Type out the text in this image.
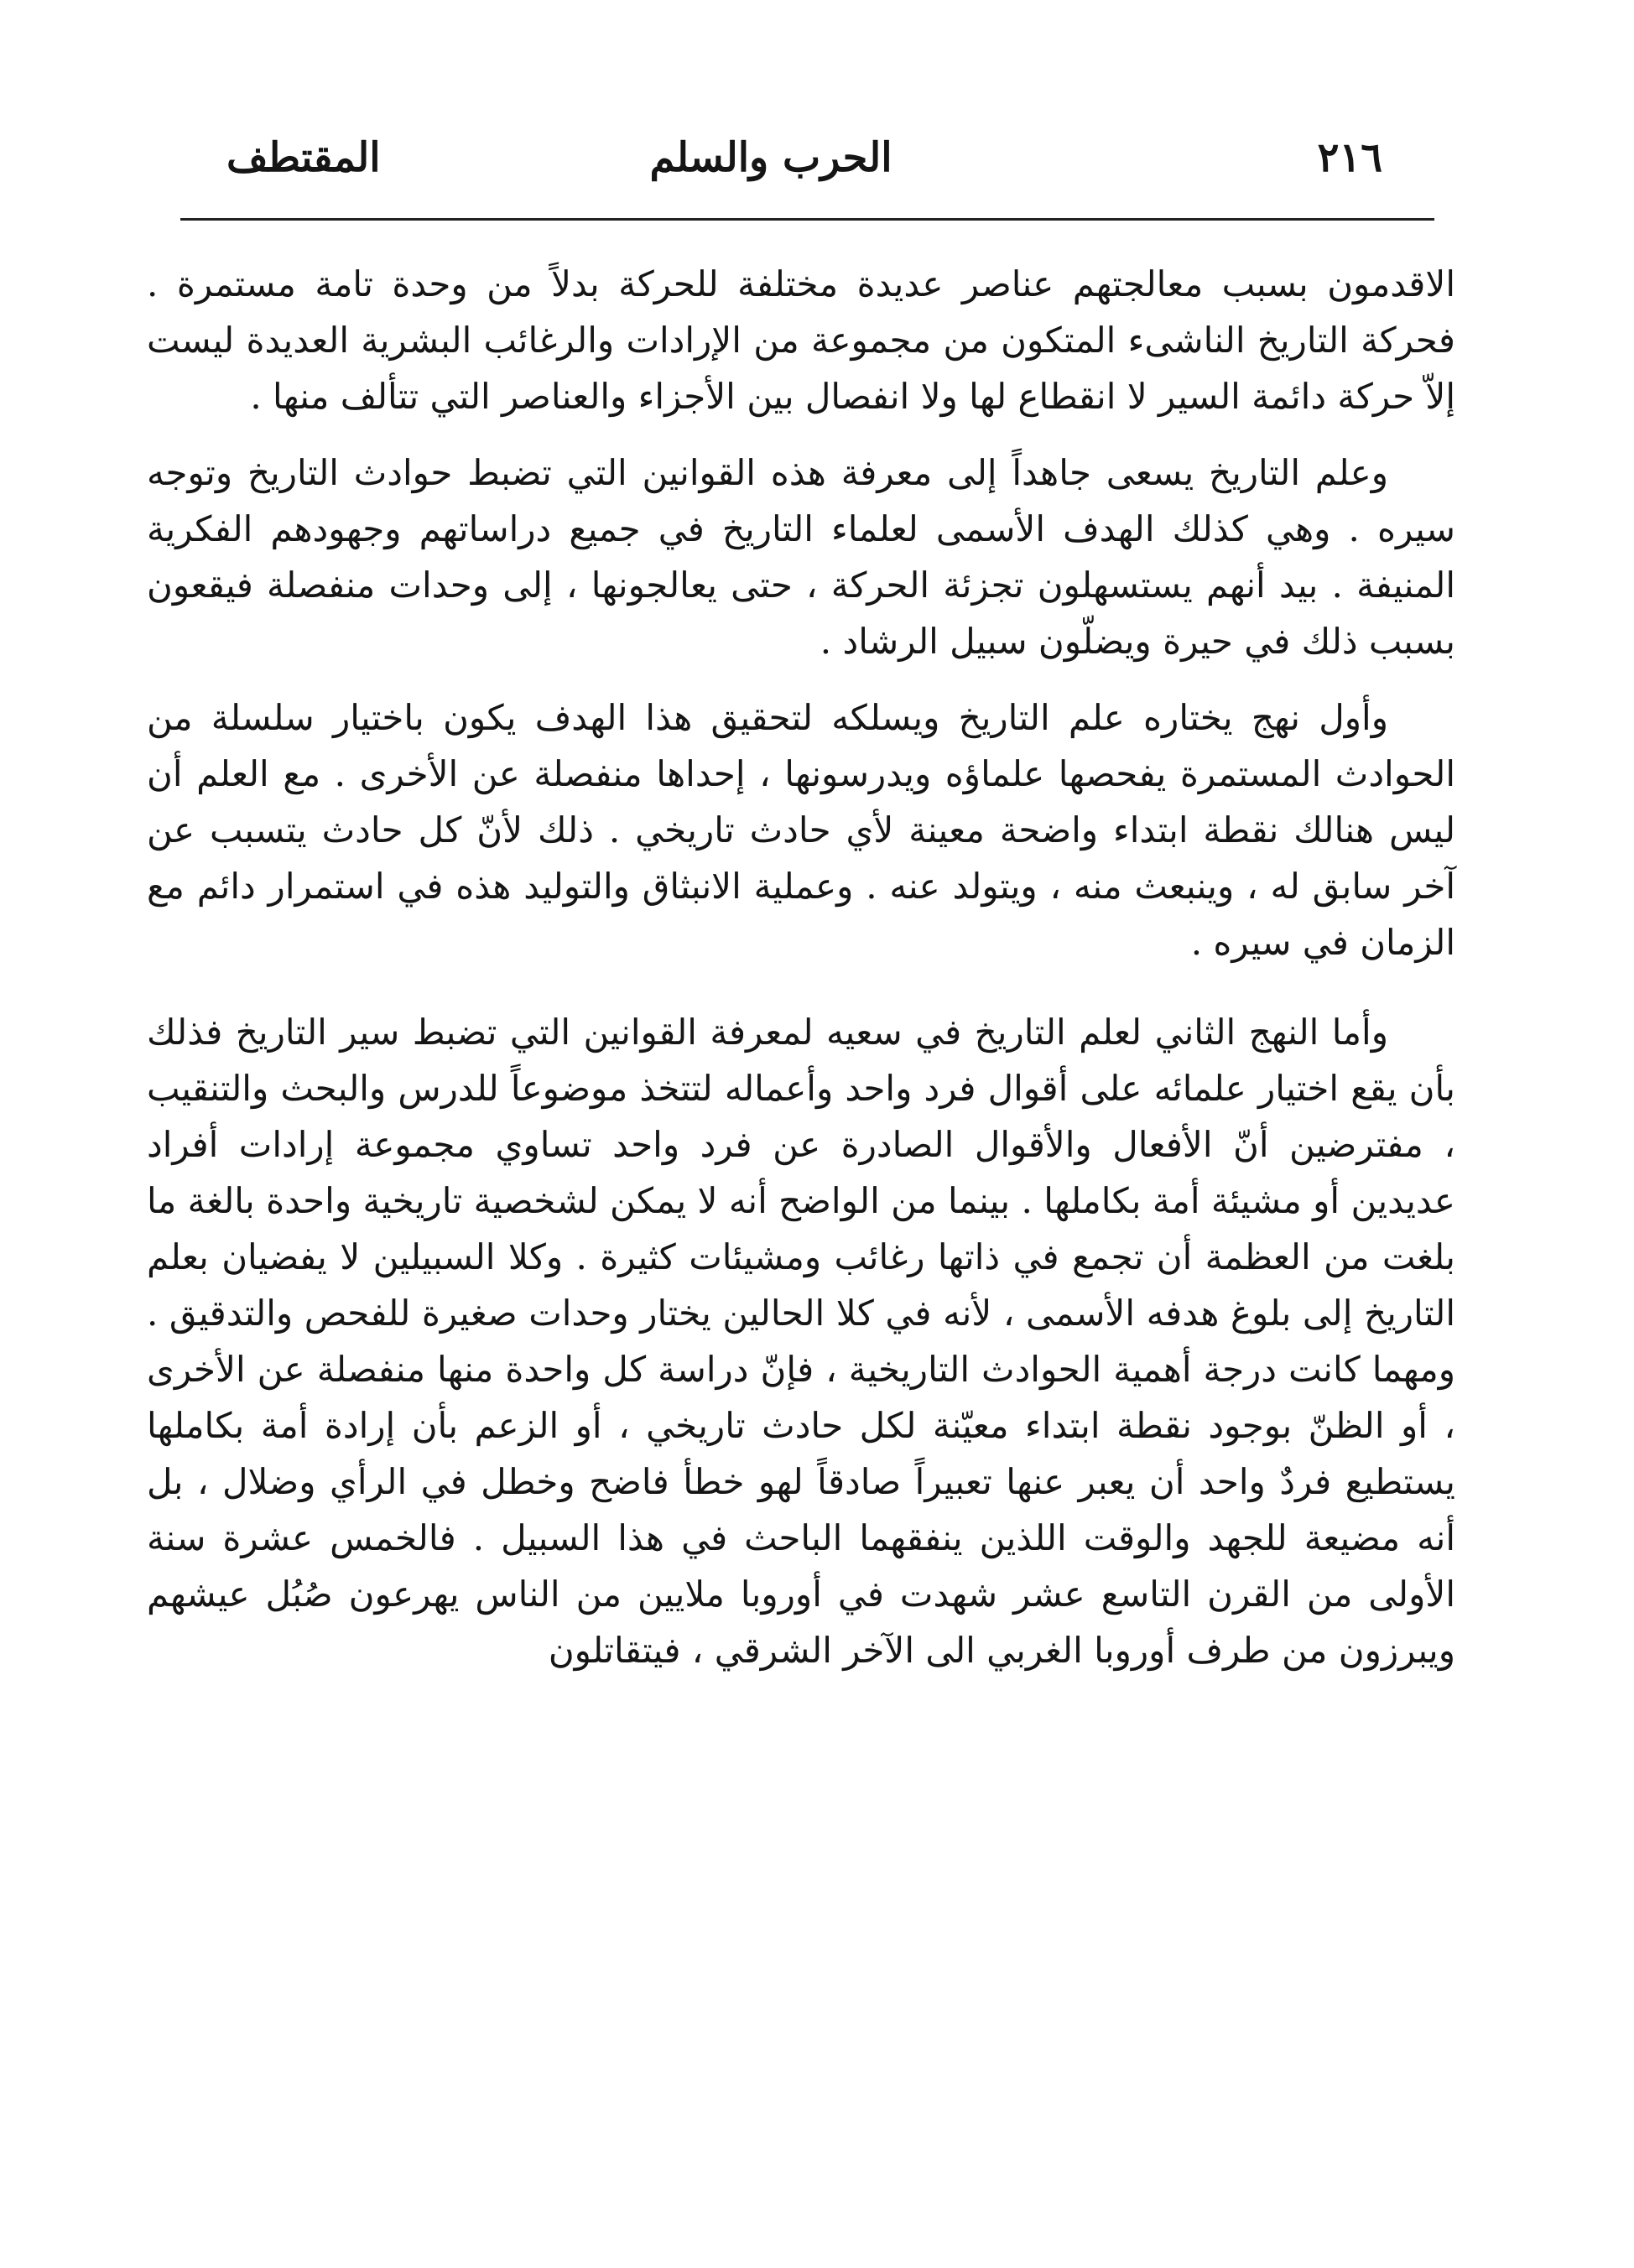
٢١٦
الحرب والسلم
المقتطف

الاقدمون بسبب معالجتهم عناصر عديدة مختلفة للحركة بدلاً من وحدة تامة مستمرة . فحركة التاريخ الناشىء المتكون من مجموعة من الإرادات والرغائب البشرية العديدة ليست إلاّ حركة دائمة السير لا انقطاع لها ولا انفصال بين الأجزاء والعناصر التي تتألف منها .

وعلم التاريخ يسعى جاهداً إلى معرفة هذه القوانين التي تضبط حوادث التاريخ وتوجه سيره . وهي كذلك الهدف الأسمى لعلماء التاريخ في جميع دراساتهم وجهودهم الفكرية المنيفة . بيد أنهم يستسهلون تجزئة الحركة ، حتى يعالجونها ، إلى وحدات منفصلة فيقعون بسبب ذلك في حيرة ويضلّون سبيل الرشاد .

وأول نهج يختاره علم التاريخ ويسلكه لتحقيق هذا الهدف يكون باختيار سلسلة من الحوادث المستمرة يفحصها علماؤه ويدرسونها ، إحداها منفصلة عن الأخرى . مع العلم أن ليس هنالك نقطة ابتداء واضحة معينة لأي حادث تاريخي . ذلك لأنّ كل حادث يتسبب عن آخر سابق له ، وينبعث منه ، ويتولد عنه . وعملية الانبثاق والتوليد هذه في استمرار دائم مع الزمان في سيره .

وأما النهج الثاني لعلم التاريخ في سعيه لمعرفة القوانين التي تضبط سير التاريخ فذلك بأن يقع اختيار علمائه على أقوال فرد واحد وأعماله لتتخذ موضوعاً للدرس والبحث والتنقيب ، مفترضين أنّ الأفعال والأقوال الصادرة عن فرد واحد تساوي مجموعة إرادات أفراد عديدين أو مشيئة أمة بكاملها . بينما من الواضح أنه لا يمكن لشخصية تاريخية واحدة بالغة ما بلغت من العظمة أن تجمع في ذاتها رغائب ومشيئات كثيرة . وكلا السبيلين لا يفضيان بعلم التاريخ إلى بلوغ هدفه الأسمى ، لأنه في كلا الحالين يختار وحدات صغيرة للفحص والتدقيق . ومهما كانت درجة أهمية الحوادث التاريخية ، فإنّ دراسة كل واحدة منها منفصلة عن الأخرى ، أو الظنّ بوجود نقطة ابتداء معيّنة لكل حادث تاريخي ، أو الزعم بأن إرادة أمة بكاملها يستطيع فردٌ واحد أن يعبر عنها تعبيراً صادقاً لهو خطأ فاضح وخطل في الرأي وضلال ، بل أنه مضيعة للجهد والوقت اللذين ينفقهما الباحث في هذا السبيل . فالخمس عشرة سنة الأولى من القرن التاسع عشر شهدت في أوروبا ملايين من الناس يهرعون صُبُل عيشهم ويبرزون من طرف أوروبا الغربي الى الآخر الشرقي ، فيتقاتلون
